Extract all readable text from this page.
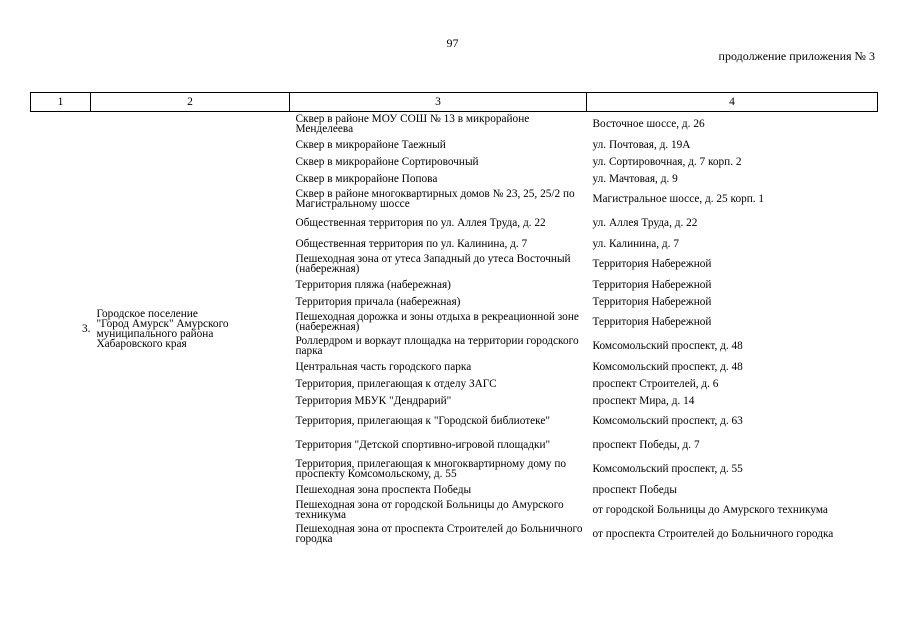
97
продолжение приложения № 3
1	2	3	4
3.	Городское поселение
"Город Амурск" Амурского
муниципального района
Хабаровского края	Сквер в районе МОУ СОШ № 13 в микрорайоне Менделеева	Восточное шоссе, д. 26
		Сквер в микрорайоне Таежный	ул. Почтовая, д. 19А
		Сквер в микрорайоне Сортировочный	ул. Сортировочная, д. 7 корп. 2
		Сквер в микрорайоне Попова	ул. Мачтовая, д. 9
		Сквер в районе многоквартирных домов № 23, 25, 25/2 по Магистральному шоссе	Магистральное шоссе, д. 25 корп. 1
		Общественная территория по ул. Аллея Труда, д. 22	ул. Аллея Труда, д. 22
		Общественная территория по ул. Калинина, д. 7	ул. Калинина, д. 7
		Пешеходная зона от утеса Западный до утеса Восточный (набережная)	Территория Набережной
		Территория пляжа (набережная)	Территория Набережной
		Территория причала (набережная)	Территория Набережной
		Пешеходная дорожка и зоны отдыха в рекреационной зоне (набережная)	Территория Набережной
		Роллердром и воркаут площадка на территории городского парка	Комсомольский проспект, д. 48
		Центральная часть городского парка	Комсомольский проспект, д. 48
		Территория, прилегающая к отделу ЗАГС	проспект Строителей, д. 6
		Территория МБУК "Дендрарий"	проспект Мира, д. 14
		Территория, прилегающая к "Городской библиотеке"	Комсомольский проспект, д. 63
		Территория "Детской спортивно-игровой площадки"	проспект Победы, д. 7
		Территория, прилегающая к многоквартирному дому по проспекту Комсомольскому, д. 55	Комсомольский проспект, д. 55
		Пешеходная зона проспекта Победы	проспект Победы
		Пешеходная зона от городской Больницы до Амурского техникума	от городской Больницы до Амурского техникума
		Пешеходная зона от проспекта Строителей до Больничного городка	от проспекта Строителей до Больничного городка
